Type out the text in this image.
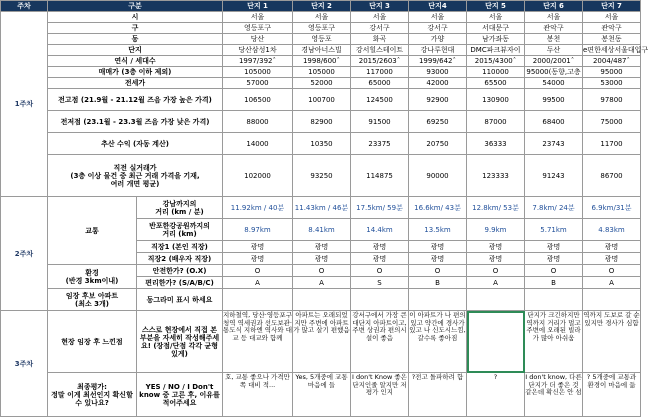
주차	구분		단지 1	단지 2	단지 3	단지4	단지 5	단지 6	단지 7
1주차	시		서울	서울	서울	서울	서울	서울	서울
	구		영등포구	영등포구	강서구	강서구	서대문구	관악구	관악구
	동		당산	영등포	화곡	가양	남가좌동	봉천	봉천동
	단지		당산삼성1차	경남아너스빌	강서힐스테이트	강나루현대	DMC파크뷰자이	두산	e편한세상서울대입구
	연식 / 세대수		1997/392ˆ	1998/600ˆ	2015/2603ˆ	1999/642ˆ	2015/4300ˆ	2000/2001ˆ	2004/487ˆ
	매매가 (3층 이하 제외)		105000	105000	117000	93000	110000	95000(동향,고층	95000
	전세가		57000	52000	65000	42000	65500	54000	53000
	전고점 (21.9월 - 21.12월 즈음 가장 높은 가격)		106500	100700	124500	92900	130900	99500	97800
	전저점 (23.1월 - 23.3월 즈음 가장 낮은 가격)		88000	82900	91500	69250	87000	68400	75000
	추산 수익 (자동 계산)		14000	10350	23375	20750	36333	23743	11700
	직전 실거래가
(3층 이상 물건 중 최근 거래 가격을 기재,
여러 개면 평균)		102000	93250	114875	90000	123333	91243	86700
2주차	교통	강남까지의
거리 (km / 분)	11.92km / 40분	11.43km / 46분	17.5km/ 59분	16.6km/ 43분	12.8km/ 53분	7.8km/ 24분	6.9km/31분
		반포한강공원까지의
거리 (km)	8.97km	8.41km	14.4km	13.5km	9.9km	5.71km	4.83km
		직장1 (본인 직장)	광명	광명	광명	광명	광명	광명	광명
		직장2 (배우자 직장)	광명	광명	광명	광명	광명	광명	광명
	환경
(반경 3km이내)	안전한가? (O.X)	O	O	O	O	O	O	O
		편리한가? (S/A/B/C)	A	A	S	B	A	B	A
	임장 후보 아파트
(최소 3개)	동그라미 표시 하세요							
3주차	현장 임장 후 느낀점	스스로 현장에서 직접 본 부분을 자세히 작성해주세요! (장점/단점 각각 균형있게)	지하철역, 당산·영등포구청역 역세권과 선도보관·통도식 지하엔 역사와 대교 등 대교와 함께	아파트는 오래되었지만 주변에 아파트가 많고 살기 편했음	강서구에서 가장 큰 대단지 아파트이고, 주변 상권과 편의시설이 좋음	이 아파트가 나 편의 있고 약간에 경사가 있고 나 신도시느낌, 갈수록 좋아짐		단지가 크긴하지만 역까지 거리가 멀고 주변에 오래된 빌라가 많아 아쉬움	역까지 도보로 갈 순 있지만 경사가 심함
	최종평가:
정말 이게 최선인지 확신할 수 있나요?	YES / NO / I Don't know 중 고른 후, 이유를 적어주세요	호, 교통 좋으나 가격만 쪽 대비 적...	Yes, 5개중에 교통 마음에 들	I don't Know 좋은 단지인줄 알지만 저평가 인지	?전고 돌파하려 함	?	I don't know, 다른 단지가 더 좋은 것 같은데 확신은 안 섬	? 5개중에 교통과 환경이 마음에 듦
